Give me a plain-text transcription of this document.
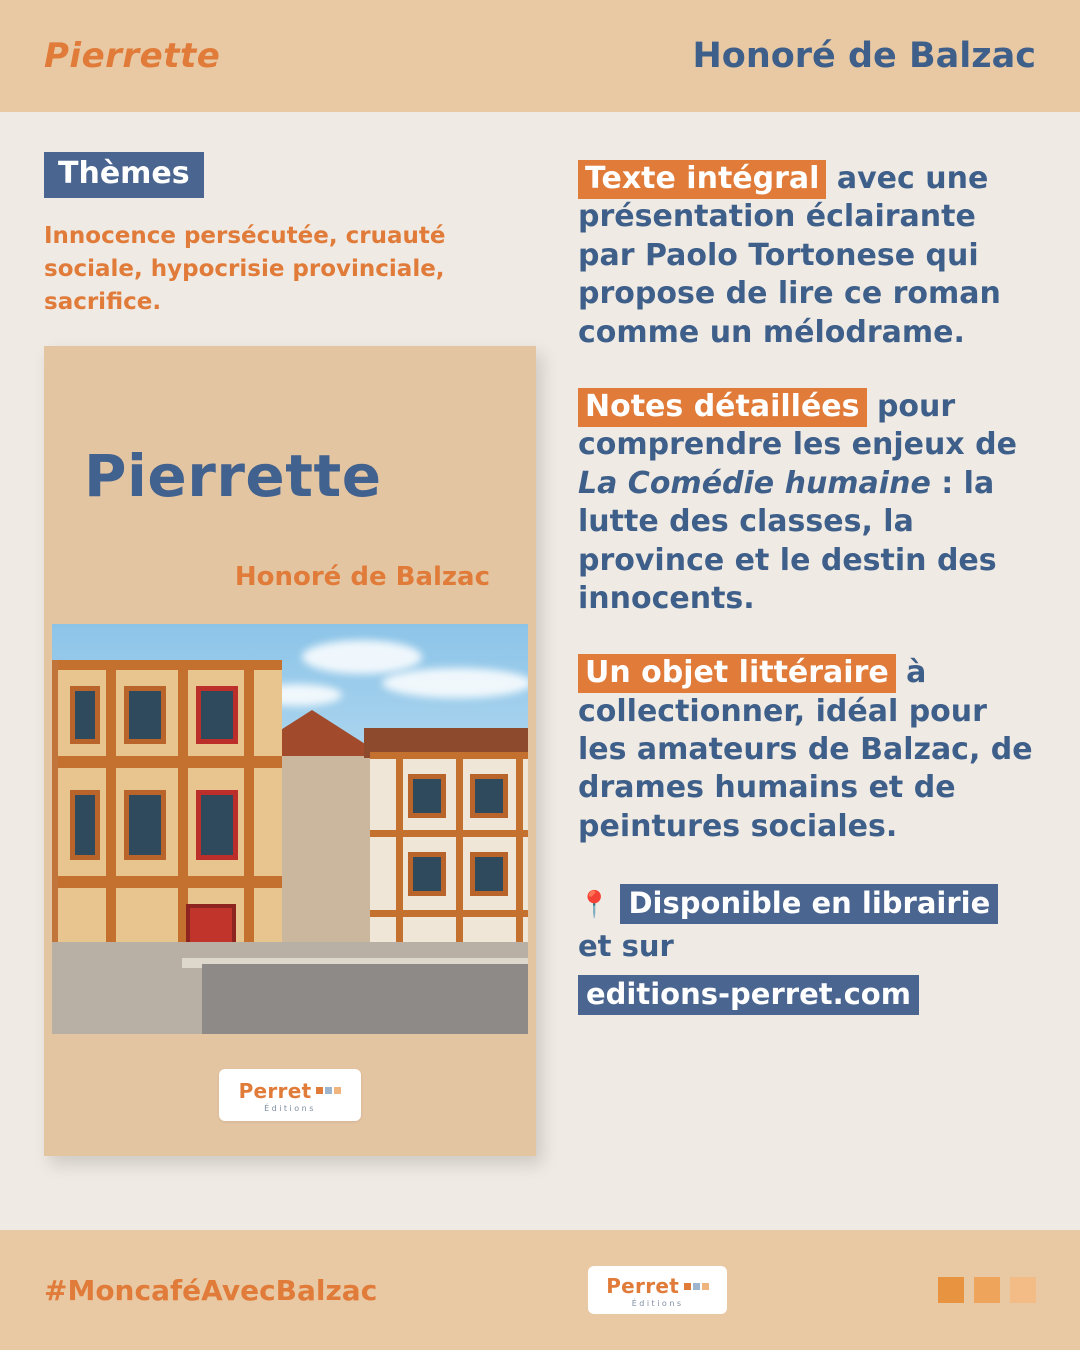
Pierrette	Honoré de Balzac
Thèmes
Innocence persécutée, cruauté sociale, hypocrisie provinciale, sacrifice.
Pierrette
Honoré de Balzac
Perret
Éditions

Texte intégral avec une présentation éclairante par Paolo Tortonese qui propose de lire ce roman comme un mélodrame.

Notes détaillées pour comprendre les enjeux de La Comédie humaine : la lutte des classes, la province et le destin des innocents.

Un objet littéraire à collectionner, idéal pour les amateurs de Balzac, de drames humains et de peintures sociales.

📍 Disponible en librairie et sur
editions-perret.com
#MoncaféAvecBalzac	Perret
Éditions
